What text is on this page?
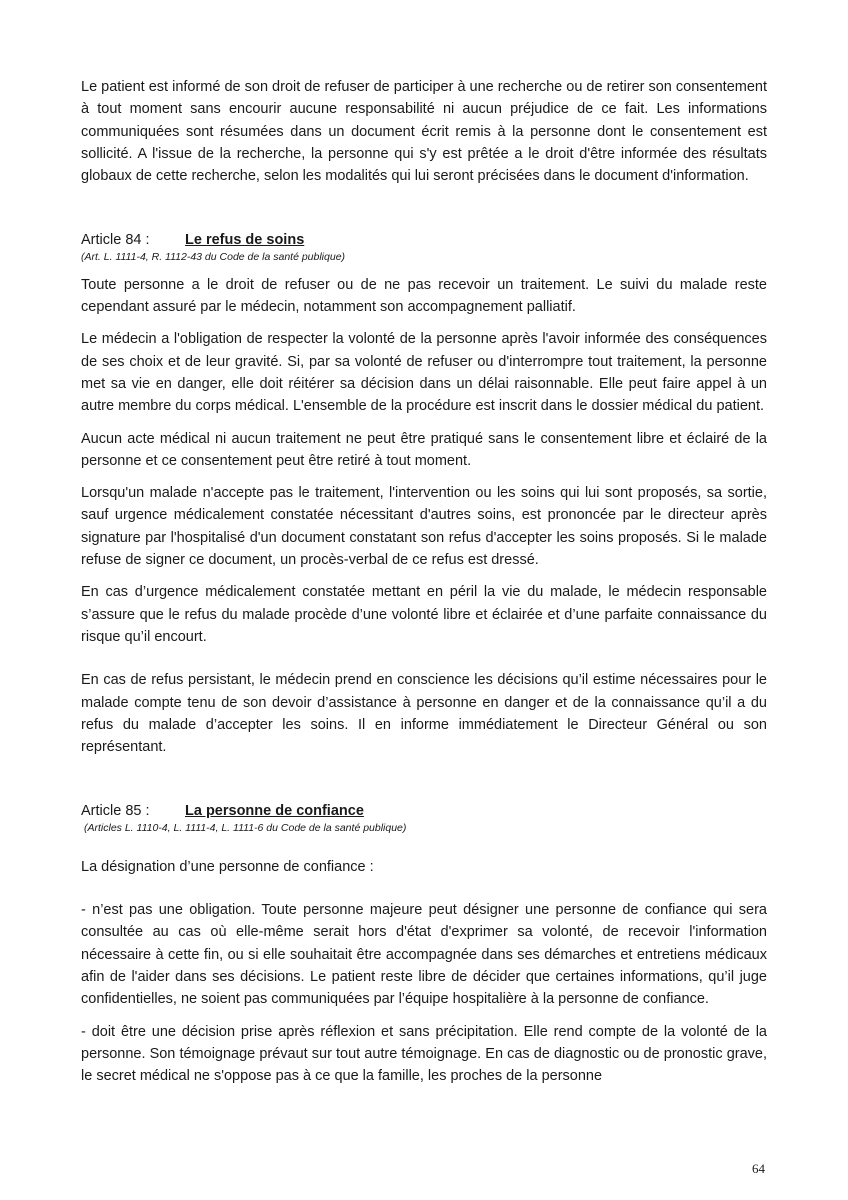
Le patient est informé de son droit de refuser de participer à une recherche ou de retirer son consentement à tout moment sans encourir aucune responsabilité ni aucun préjudice de ce fait. Les informations communiquées sont résumées dans un document écrit remis à la personne dont le consentement est sollicité. A l'issue de la recherche, la personne qui s'y est prêtée a le droit d'être informée des résultats globaux de cette recherche, selon les modalités qui lui seront précisées dans le document d'information.

Article 84 :	Le refus de soins
(Art. L. 1111-4, R. 1112-43 du Code de la santé publique)

Toute personne a le droit de refuser ou de ne pas recevoir un traitement. Le suivi du malade reste cependant assuré par le médecin, notamment son accompagnement palliatif.

Le médecin a l'obligation de respecter la volonté de la personne après l'avoir informée des conséquences de ses choix et de leur gravité. Si, par sa volonté de refuser ou d'interrompre tout traitement, la personne met sa vie en danger, elle doit réitérer sa décision dans un délai raisonnable. Elle peut faire appel à un autre membre du corps médical. L'ensemble de la procédure est inscrit dans le dossier médical du patient.

Aucun acte médical ni aucun traitement ne peut être pratiqué sans le consentement libre et éclairé de la personne et ce consentement peut être retiré à tout moment.

Lorsqu'un malade n'accepte pas le traitement, l'intervention ou les soins qui lui sont proposés, sa sortie, sauf urgence médicalement constatée nécessitant d'autres soins, est prononcée par le directeur après signature par l'hospitalisé d'un document constatant son refus d'accepter les soins proposés. Si le malade refuse de signer ce document, un procès-verbal de ce refus est dressé.

En cas d’urgence médicalement constatée mettant en péril la vie du malade, le médecin responsable s’assure que le refus du malade procède d’une volonté libre et éclairée et d’une parfaite connaissance du risque qu’il encourt.

En cas de refus persistant, le médecin prend en conscience les décisions qu’il estime nécessaires pour le malade compte tenu de son devoir d’assistance à personne en danger et de la connaissance qu’il a du refus du malade d’accepter les soins. Il en informe immédiatement le Directeur Général ou son représentant.

Article 85 :	La personne de confiance
(Articles L. 1110-4, L. 1111-4, L. 1111-6 du Code de la santé publique)

La désignation d’une personne de confiance :

- n’est pas une obligation. Toute personne majeure peut désigner une personne de confiance qui sera consultée au cas où elle-même serait hors d'état d'exprimer sa volonté, de recevoir l'information nécessaire à cette fin, ou si elle souhaitait être accompagnée dans ses démarches et entretiens médicaux afin de l'aider dans ses décisions. Le patient reste libre de décider que certaines informations, qu’il juge confidentielles, ne soient pas communiquées par l’équipe hospitalière à la personne de confiance.

- doit être une décision prise après réflexion et sans précipitation. Elle rend compte de la volonté de la personne. Son témoignage prévaut sur tout autre témoignage. En cas de diagnostic ou de pronostic grave, le secret médical ne s'oppose pas à ce que la famille, les proches de la personne

64
